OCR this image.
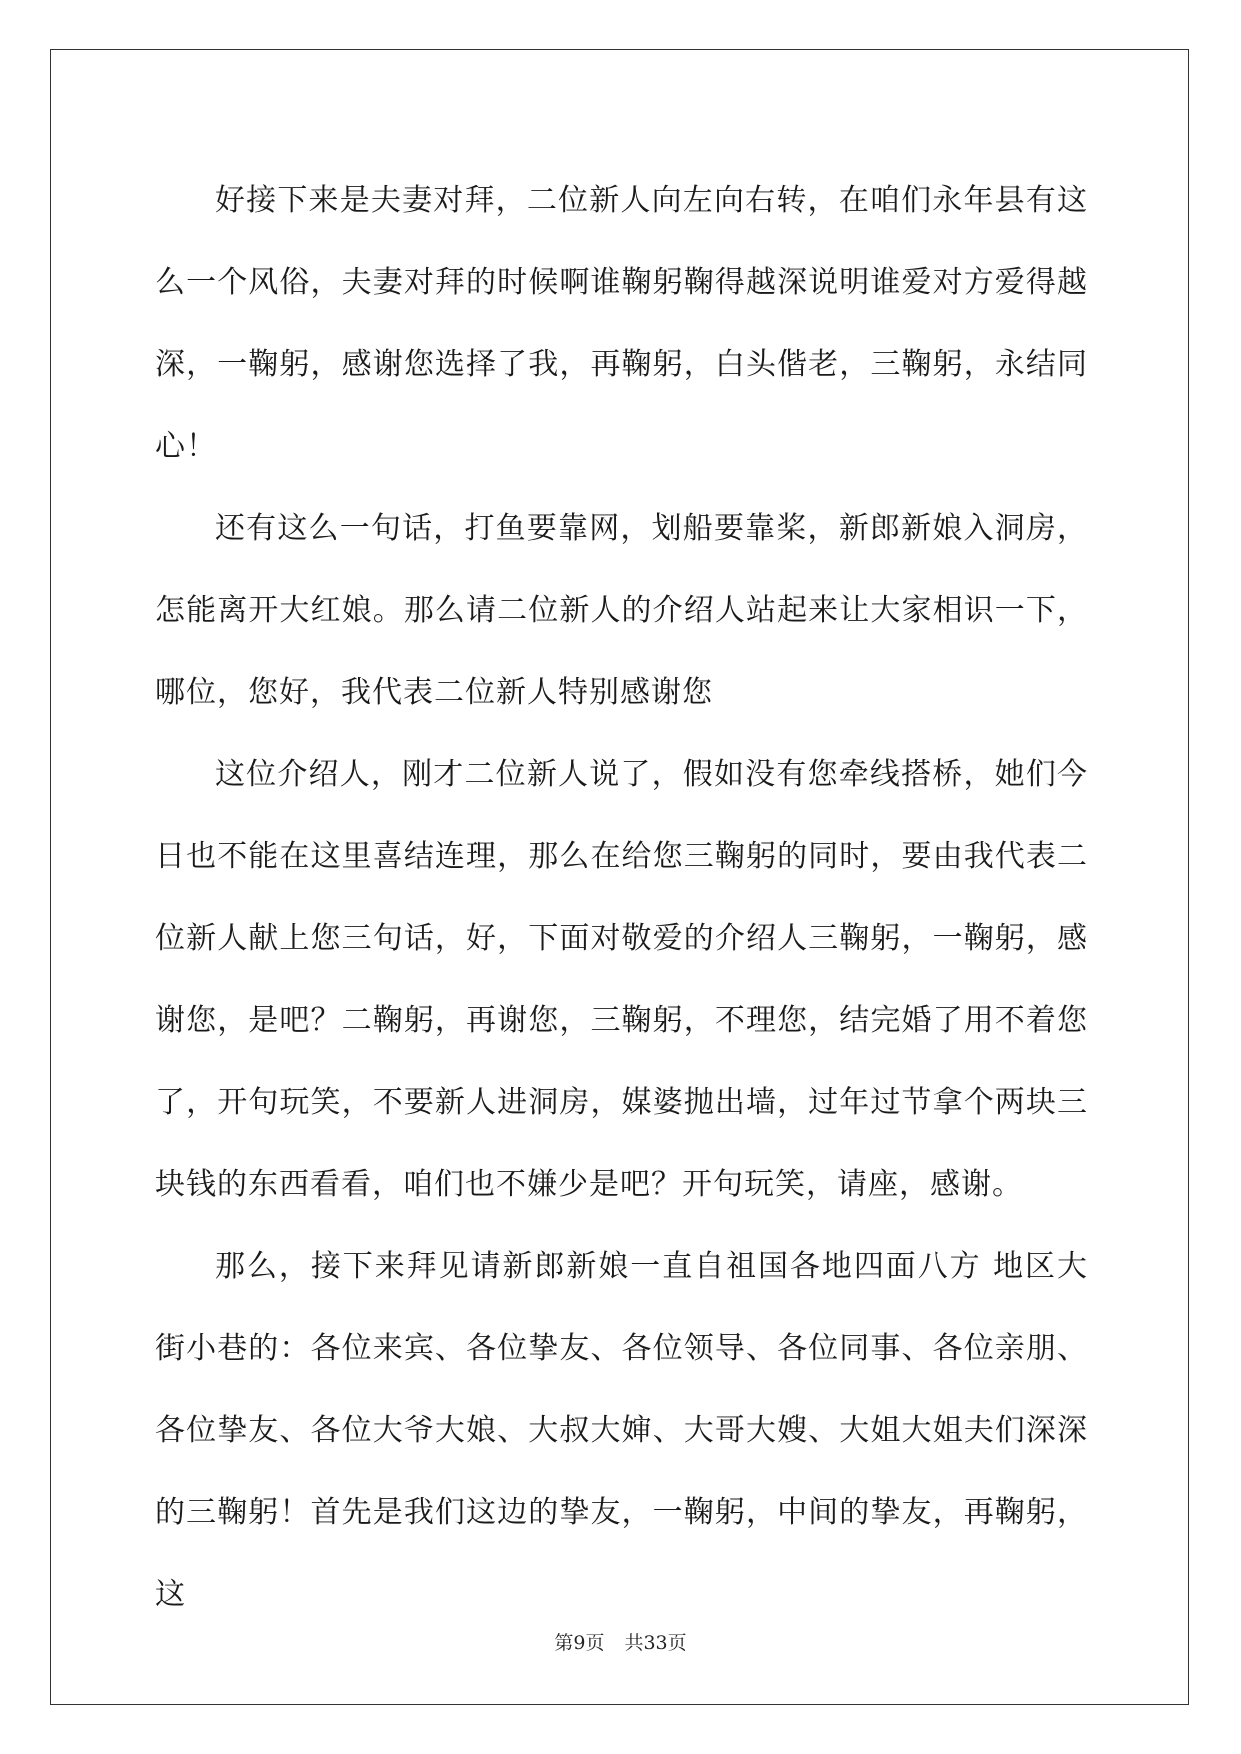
好接下来是夫妻对拜，二位新人向左向右转，在咱们永年县有这么一个风俗，夫妻对拜的时候啊谁鞠躬鞠得越深说明谁爱对方爱得越深，一鞠躬，感谢您选择了我，再鞠躬，白头偕老，三鞠躬，永结同心！

还有这么一句话，打鱼要靠网，划船要靠桨，新郎新娘入洞房，怎能离开大红娘。那么请二位新人的介绍人站起来让大家相识一下，哪位，您好，我代表二位新人特别感谢您

这位介绍人，刚才二位新人说了，假如没有您牵线搭桥，她们今日也不能在这里喜结连理，那么在给您三鞠躬的同时，要由我代表二位新人献上您三句话，好，下面对敬爱的介绍人三鞠躬，一鞠躬，感谢您，是吧？二鞠躬，再谢您，三鞠躬，不理您，结完婚了用不着您了，开句玩笑，不要新人进洞房，媒婆抛出墙，过年过节拿个两块三块钱的东西看看，咱们也不嫌少是吧？开句玩笑，请座，感谢。

那么，接下来拜见请新郎新娘一直自祖国各地四面八方 地区大街小巷的：各位来宾、各位挚友、各位领导、各位同事、各位亲朋、各位挚友、各位大爷大娘、大叔大婶、大哥大嫂、大姐大姐夫们深深的三鞠躬！首先是我们这边的挚友，一鞠躬，中间的挚友，再鞠躬，这

第9页 共33页
